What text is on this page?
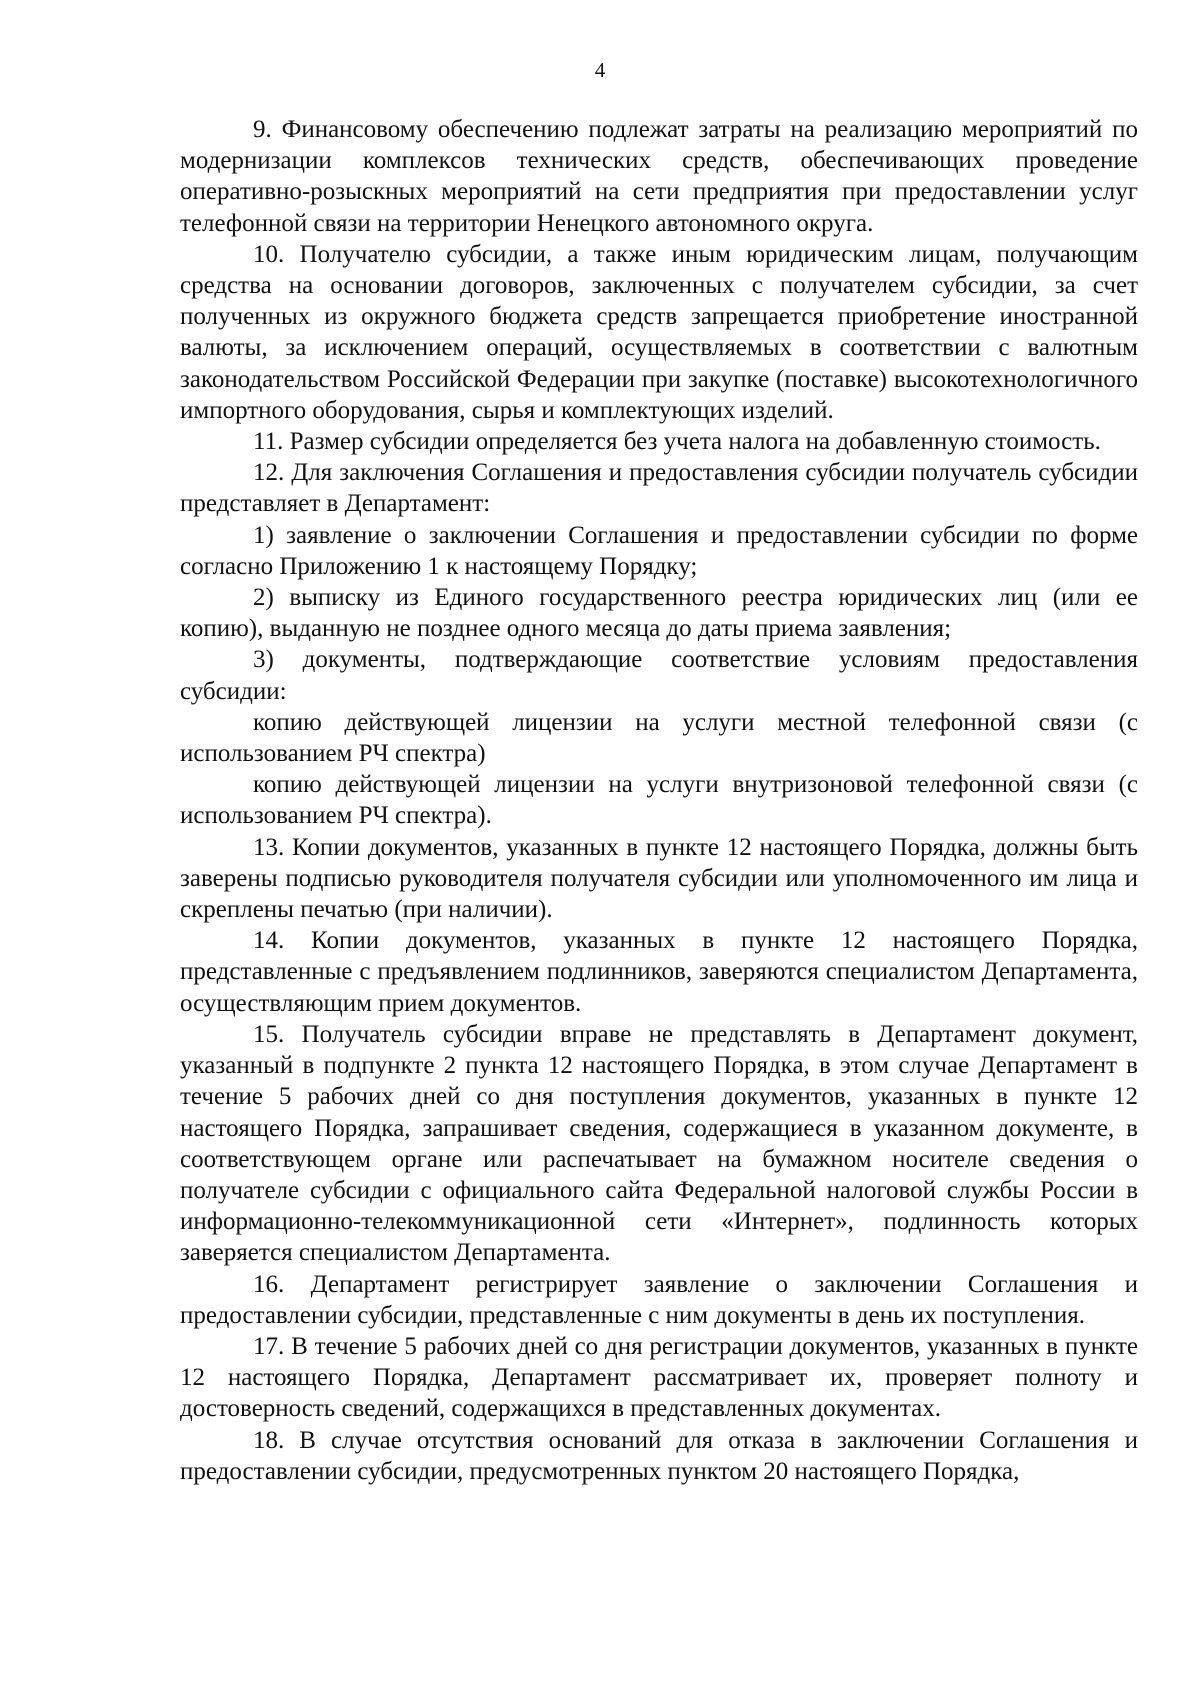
4

9. Финансовому обеспечению подлежат затраты на реализацию мероприятий по модернизации комплексов технических средств, обеспечивающих проведение оперативно-розыскных мероприятий на сети предприятия при предоставлении услуг телефонной связи на территории Ненецкого автономного округа.

10. Получателю субсидии, а также иным юридическим лицам, получающим средства на основании договоров, заключенных с получателем субсидии, за счет полученных из окружного бюджета средств запрещается приобретение иностранной валюты, за исключением операций, осуществляемых в соответствии с валютным законодательством Российской Федерации при закупке (поставке) высокотехнологичного импортного оборудования, сырья и комплектующих изделий.

11. Размер субсидии определяется без учета налога на добавленную стоимость.

12. Для заключения Соглашения и предоставления субсидии получатель субсидии представляет в Департамент:

1) заявление о заключении Соглашения и предоставлении субсидии по форме согласно Приложению 1 к настоящему Порядку;

2) выписку из Единого государственного реестра юридических лиц (или ее копию), выданную не позднее одного месяца до даты приема заявления;

3) документы, подтверждающие соответствие условиям предоставления субсидии:

копию действующей лицензии на услуги местной телефонной связи (с использованием РЧ спектра)

копию действующей лицензии на услуги внутризоновой телефонной связи (с использованием РЧ спектра).

13. Копии документов, указанных в пункте 12 настоящего Порядка, должны быть заверены подписью руководителя получателя субсидии или уполномоченного им лица и скреплены печатью (при наличии).

14. Копии документов, указанных в пункте 12 настоящего Порядка, представленные с предъявлением подлинников, заверяются специалистом Департамента, осуществляющим прием документов.

15. Получатель субсидии вправе не представлять в Департамент документ, указанный в подпункте 2 пункта 12 настоящего Порядка, в этом случае Департамент в течение 5 рабочих дней со дня поступления документов, указанных в пункте 12 настоящего Порядка, запрашивает сведения, содержащиеся в указанном документе, в соответствующем органе или распечатывает на бумажном носителе сведения о получателе субсидии с официального сайта Федеральной налоговой службы России в информационно-телекоммуникационной сети «Интернет», подлинность которых заверяется специалистом Департамента.

16. Департамент регистрирует заявление о заключении Соглашения и предоставлении субсидии, представленные с ним документы в день их поступления.

17. В течение 5 рабочих дней со дня регистрации документов, указанных в пункте 12 настоящего Порядка, Департамент рассматривает их, проверяет полноту и достоверность сведений, содержащихся в представленных документах.

18. В случае отсутствия оснований для отказа в заключении Соглашения и предоставлении субсидии, предусмотренных пунктом 20 настоящего Порядка,
